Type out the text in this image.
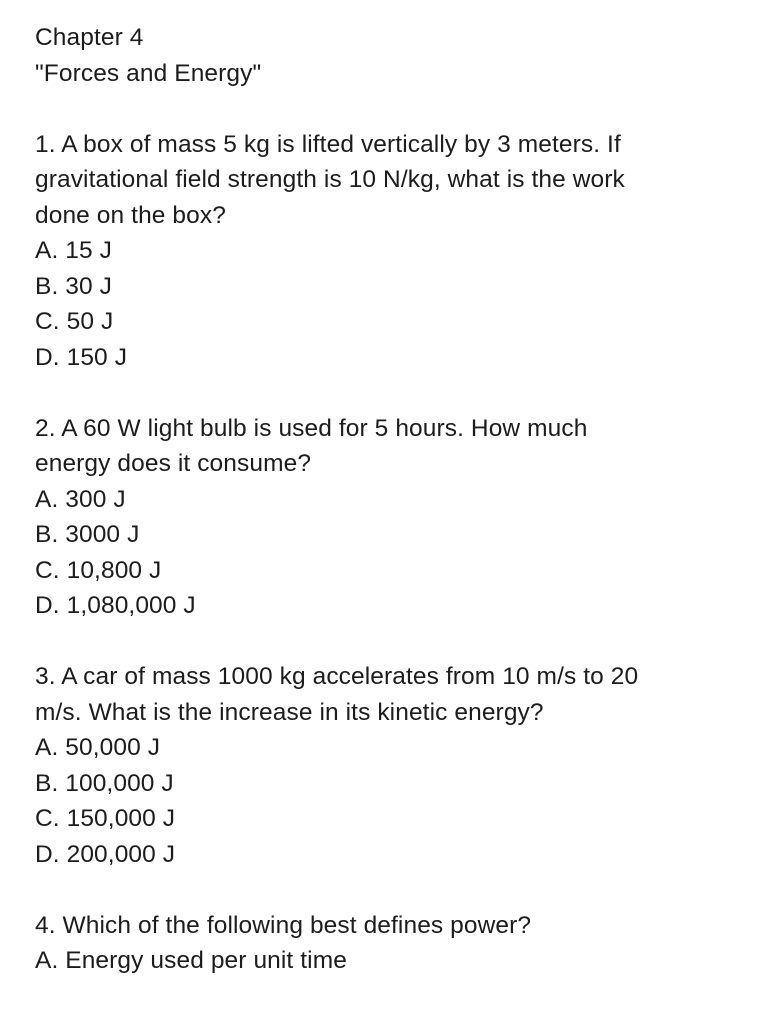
Chapter 4
"Forces and Energy"
1. A box of mass 5 kg is lifted vertically by 3 meters. If
gravitational field strength is 10 N/kg, what is the work
done on the box?
A. 15 J
B. 30 J
C. 50 J
D. 150 J
2. A 60 W light bulb is used for 5 hours. How much
energy does it consume?
A. 300 J
B. 3000 J
C. 10,800 J
D. 1,080,000 J
3. A car of mass 1000 kg accelerates from 10 m/s to 20
m/s. What is the increase in its kinetic energy?
A. 50,000 J
B. 100,000 J
C. 150,000 J
D. 200,000 J
4. Which of the following best defines power?
A. Energy used per unit time
